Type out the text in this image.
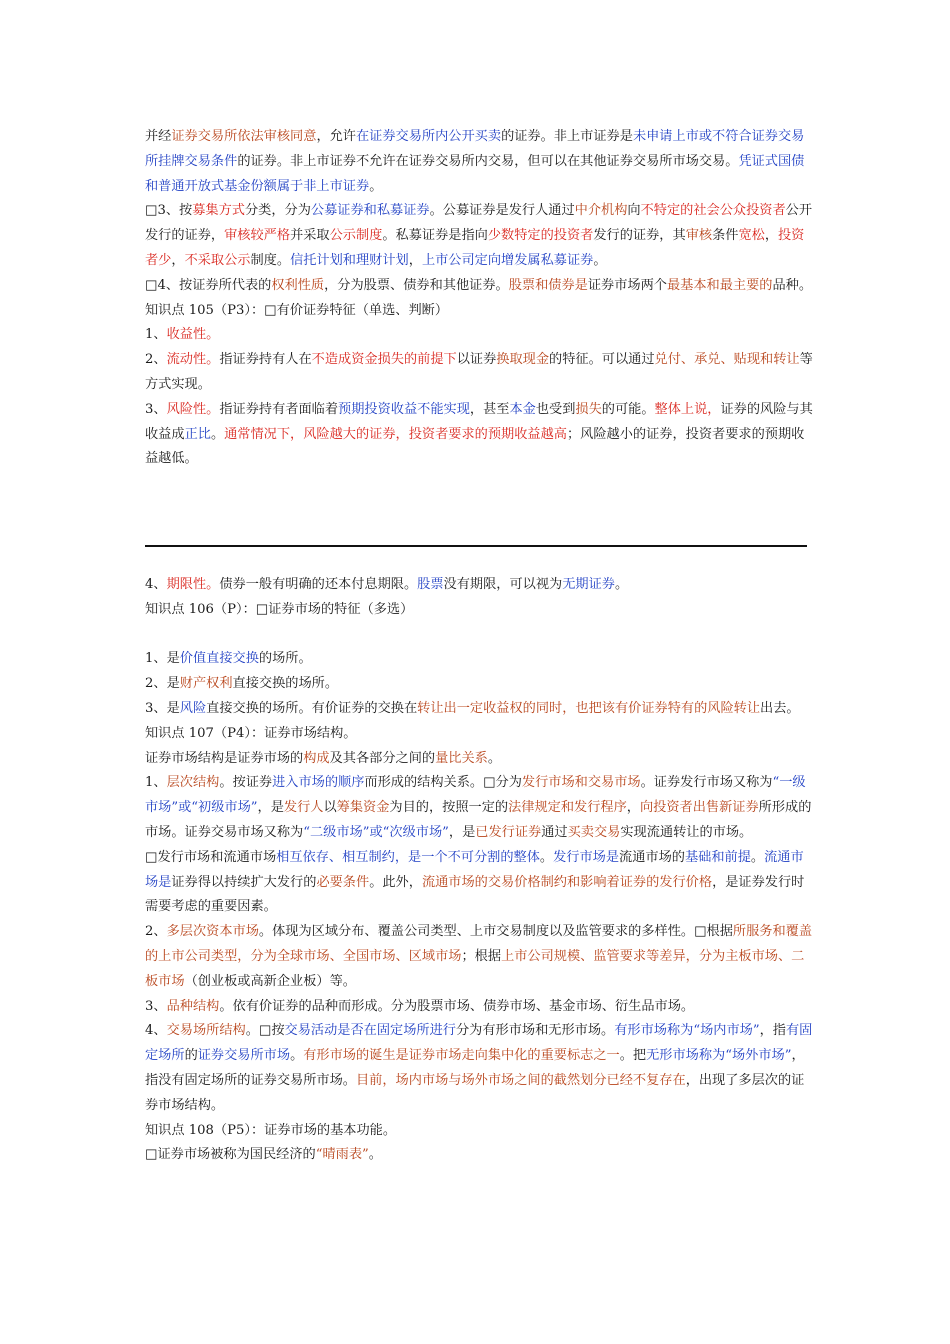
并经证券交易所依法审核同意，允许在证券交易所内公开买卖的证券。非上市证券是未申请上市或不符合证券交易所挂牌交易条件的证券。非上市证券不允许在证券交易所内交易，但可以在其他证券交易所市场交易。凭证式国债和普通开放式基金份额属于非上市证券。

□3、按募集方式分类，分为公募证券和私募证券。公募证券是发行人通过中介机构向不特定的社会公众投资者公开发行的证券，审核较严格并采取公示制度。私募证券是指向少数特定的投资者发行的证券，其审核条件宽松，投资者少，不采取公示制度。信托计划和理财计划，上市公司定向增发属私募证券。

□4、按证券所代表的权利性质，分为股票、债券和其他证券。股票和债券是证券市场两个最基本和最主要的品种。

知识点 105（P3）：□有价证券特征（单选、判断）

1、收益性。

2、流动性。指证券持有人在不造成资金损失的前提下以证券换取现金的特征。可以通过兑付、承兑、贴现和转让等方式实现。

3、风险性。指证券持有者面临着预期投资收益不能实现，甚至本金也受到损失的可能。整体上说，证券的风险与其收益成正比。通常情况下，风险越大的证券，投资者要求的预期收益越高；风险越小的证券，投资者要求的预期收益越低。

4、期限性。债券一般有明确的还本付息期限。股票没有期限，可以视为无期证券。

知识点 106（P）：□证券市场的特征（多选）

1、是价值直接交换的场所。

2、是财产权利直接交换的场所。

3、是风险直接交换的场所。有价证券的交换在转让出一定收益权的同时，也把该有价证券特有的风险转让出去。

知识点 107（P4）：证券市场结构。

证券市场结构是证券市场的构成及其各部分之间的量比关系。

1、层次结构。按证券进入市场的顺序而形成的结构关系。□分为发行市场和交易市场。证券发行市场又称为“一级市场”或“初级市场”，是发行人以筹集资金为目的，按照一定的法律规定和发行程序，向投资者出售新证券所形成的市场。证券交易市场又称为“二级市场”或“次级市场”，是已发行证券通过买卖交易实现流通转让的市场。

□发行市场和流通市场相互依存、相互制约，是一个不可分割的整体。发行市场是流通市场的基础和前提。流通市场是证券得以持续扩大发行的必要条件。此外，流通市场的交易价格制约和影响着证券的发行价格，是证券发行时需要考虑的重要因素。

2、多层次资本市场。体现为区域分布、覆盖公司类型、上市交易制度以及监管要求的多样性。□根据所服务和覆盖的上市公司类型，分为全球市场、全国市场、区域市场；根据上市公司规模、监管要求等差异，分为主板市场、二板市场（创业板或高新企业板）等。

3、品种结构。依有价证券的品种而形成。分为股票市场、债券市场、基金市场、衍生品市场。

4、交易场所结构。□按交易活动是否在固定场所进行分为有形市场和无形市场。有形市场称为“场内市场”，指有固定场所的证券交易所市场。有形市场的诞生是证券市场走向集中化的重要标志之一。把无形市场称为“场外市场”，指没有固定场所的证券交易所市场。目前，场内市场与场外市场之间的截然划分已经不复存在，出现了多层次的证券市场结构。

知识点 108（P5）：证券市场的基本功能。

□证券市场被称为国民经济的“晴雨表”。
